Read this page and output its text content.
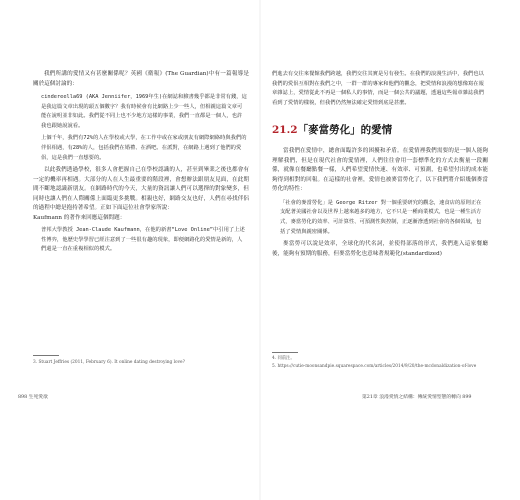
我們所講的愛情又有甚麼關係呢？英國《衛報》(The Guardian)中有一篇報導是關於這個討論的：

cindereella69 (AKA Jenniifer，1969年生)在網誌和臉書幾乎都是非常有錢，這是我這篇文章出現的頭五個數字？我有時候會有比網路上少一些人，但相親這篇文章可能在說明並非如此。我們從不同上也不少地方這樣的事業，我們一直都是一個人，也許我也跟她說說看。

上個千年，我們有72%的人在學校或大學，在工作中或在家或朋友有網際網絡時與我們的伴侶相遇，有28%的人，包括我們在婚禮、在酒吧、在派對，在網路上遇到了他們的愛侶，這是我們一直想要的。

以此我們透過學校，很多人會把握自己在學校認識的人，甚至到畢業之後也都會有一定的機率再相遇。大部分的人在人生最重要的階段裡，會想辦法跟朋友見面，在此期間不斷地認識新朋友。在網路時代的今天，大量的資訊讓人們可以選擇的對象變多，但同時也讓人們在人際關係上面臨更多挑戰。相親也好，網路交友也好，人們在尋找伴侶的過程中總是抱持著希望。正如下面這位社會學家所說：

Kaufmann 的著作來回應這個問題：

普邦大學教授 Jean-Claude Kaufmann，在他的新書“Love Online”中引用了上述性博弈，他歷史學學習已經注意到了一些很有趣的現象，即便網路化的愛情是新的，人們還是一直在重複相似的模式。

3. Stuart Jeffries (2011, February 6). It online dating destroying love?
898 生死愛欲

們進去有交往來餐館我們跨越，我們交往其實是另有發生。在我們的浪漫生活中，我們也以我們的愛侶互相對在我們之中，一群一群的專家和他們的觀念，把愛情和浪漫的想像寫在報章雜誌上，愛情從此不再是一個私人的事情，而是一個公共的議題，透過這些報章雜誌我們看到了愛情的樣貌，但我們仍然無法確定愛情到底是甚麼。

21.2「麥當勞化」的愛情

當我們在愛情中，總會面臨許多的困擾和矛盾。在愛情裡我們需要的是一個人能夠理解我們，但是在現代社會的愛情裡，人們往往會用一套標準化的方式去衡量一段關係，就像在餐廳點餐一樣，人們希望愛情快速、有效率、可預測，也希望付出的成本能夠得到相對的回報。在這樣的社會裡，愛情也被麥當勞化了，以下我們將介紹幾個麥當勞化的特性：

「社會的麥當勞化」是 George Ritzer 對一個重要研究的觀念，速食店的原則正在支配著美國社會以及世界上越來越多的地方，它不只是一種商業模式，也是一種生活方式，麥當勞化的效率、可計算性、可預測性與控制，正逐漸滲透到社會的各個領域，包括了愛情與親密關係。

麥當勞可以說是效率，全球化的代名詞，並使得部落的形式，我們進入這家餐廳後，能夠有預期的服務，但麥當勞化也意味著規範化(standardized)

4. 同前注。
5. https://cutie-moonsandpie.squarespace.com/articles/2014/9/20/the-mcdonaldization-of-love
第21章 浪漫愛情之結構：傳統愛情型態的轉向 899
